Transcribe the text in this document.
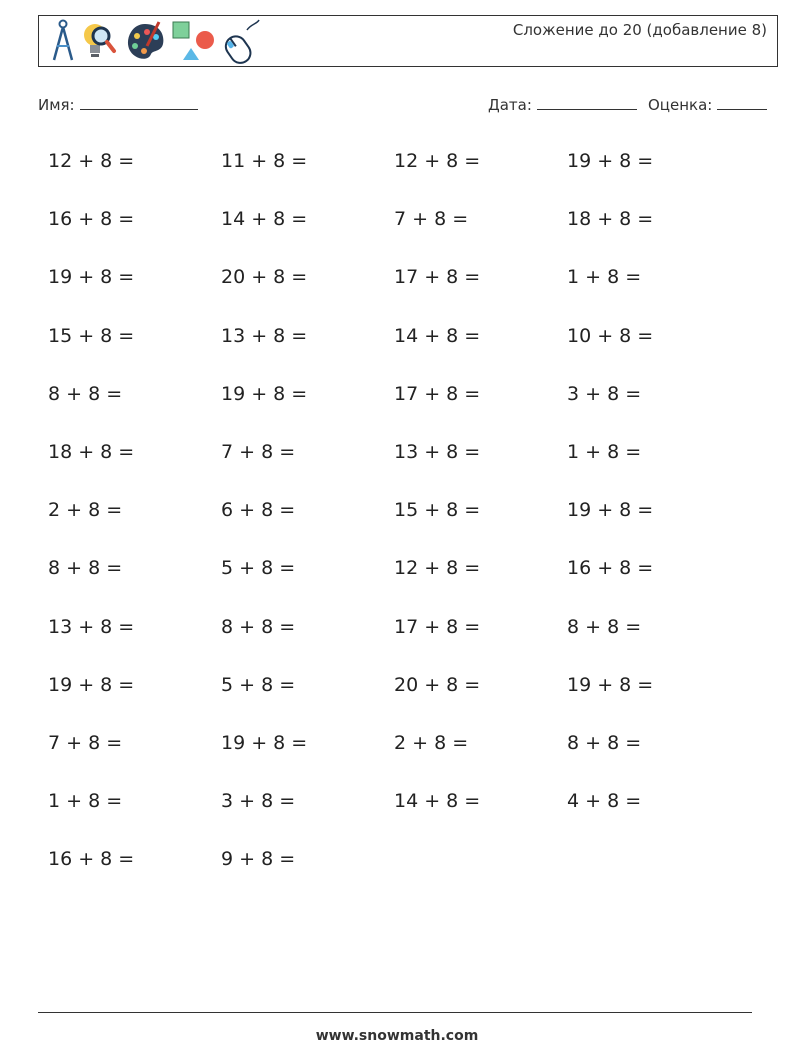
Сложение до 20 (добавление 8)
Имя:	Дата:	Оценка:
12 + 8 =	11 + 8 =	12 + 8 =	19 + 8 =
16 + 8 =	14 + 8 =	7 + 8 =	18 + 8 =
19 + 8 =	20 + 8 =	17 + 8 =	1 + 8 =
15 + 8 =	13 + 8 =	14 + 8 =	10 + 8 =
8 + 8 =	19 + 8 =	17 + 8 =	3 + 8 =
18 + 8 =	7 + 8 =	13 + 8 =	1 + 8 =
2 + 8 =	6 + 8 =	15 + 8 =	19 + 8 =
8 + 8 =	5 + 8 =	12 + 8 =	16 + 8 =
13 + 8 =	8 + 8 =	17 + 8 =	8 + 8 =
19 + 8 =	5 + 8 =	20 + 8 =	19 + 8 =
7 + 8 =	19 + 8 =	2 + 8 =	8 + 8 =
1 + 8 =	3 + 8 =	14 + 8 =	4 + 8 =
16 + 8 =	9 + 8 =
www.snowmath.com
